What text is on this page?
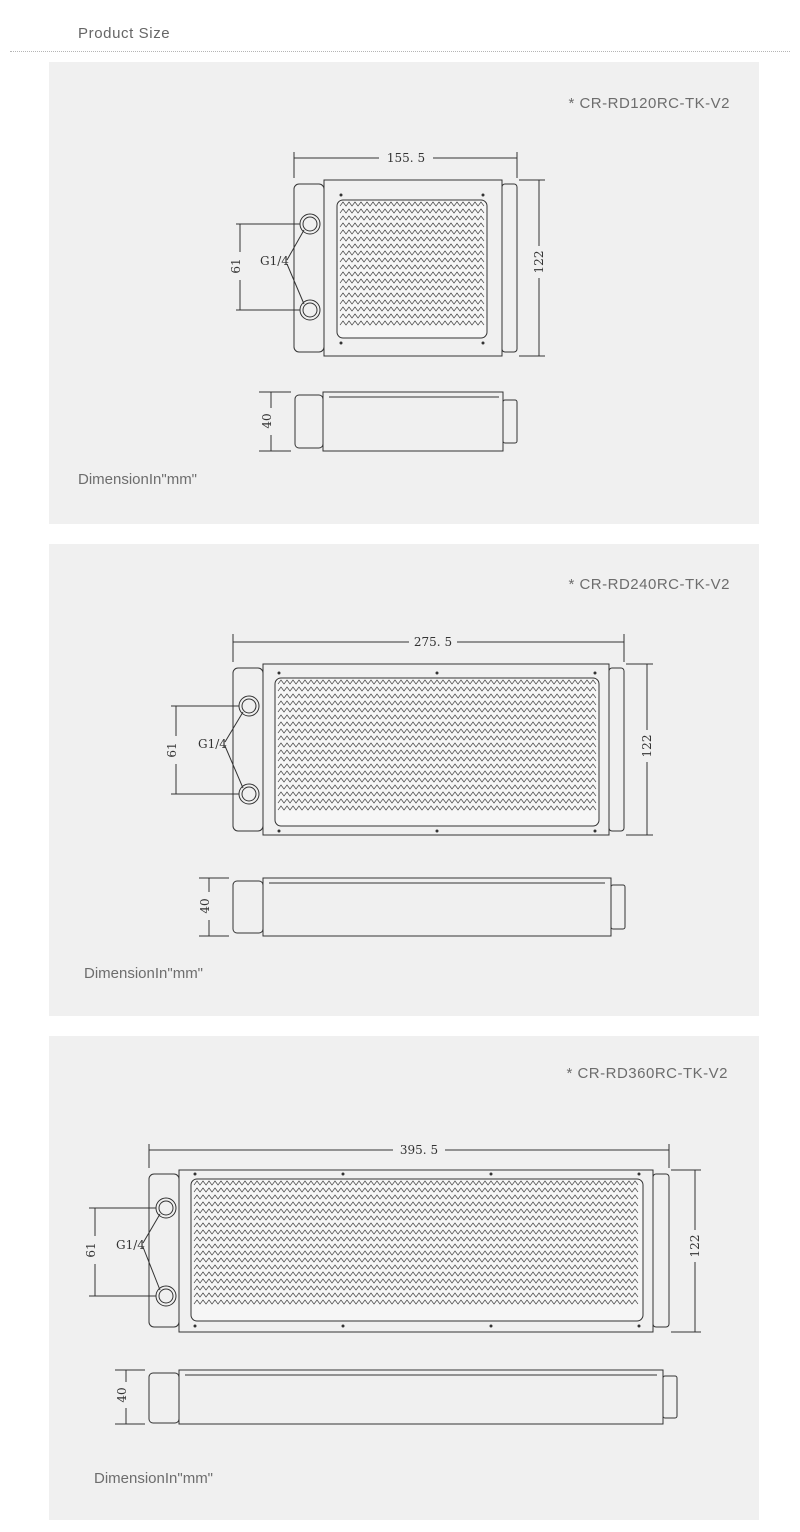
Product Size
* CR-RD120RC-TK-V2
155. 5
122
61 G1/4
40
DimensionIn"mm"
* CR-RD240RC-TK-V2
275. 5
122
61 G1/4
40
DimensionIn"mm"
* CR-RD360RC-TK-V2
395. 5
122
61 G1/4
40
DimensionIn"mm"
